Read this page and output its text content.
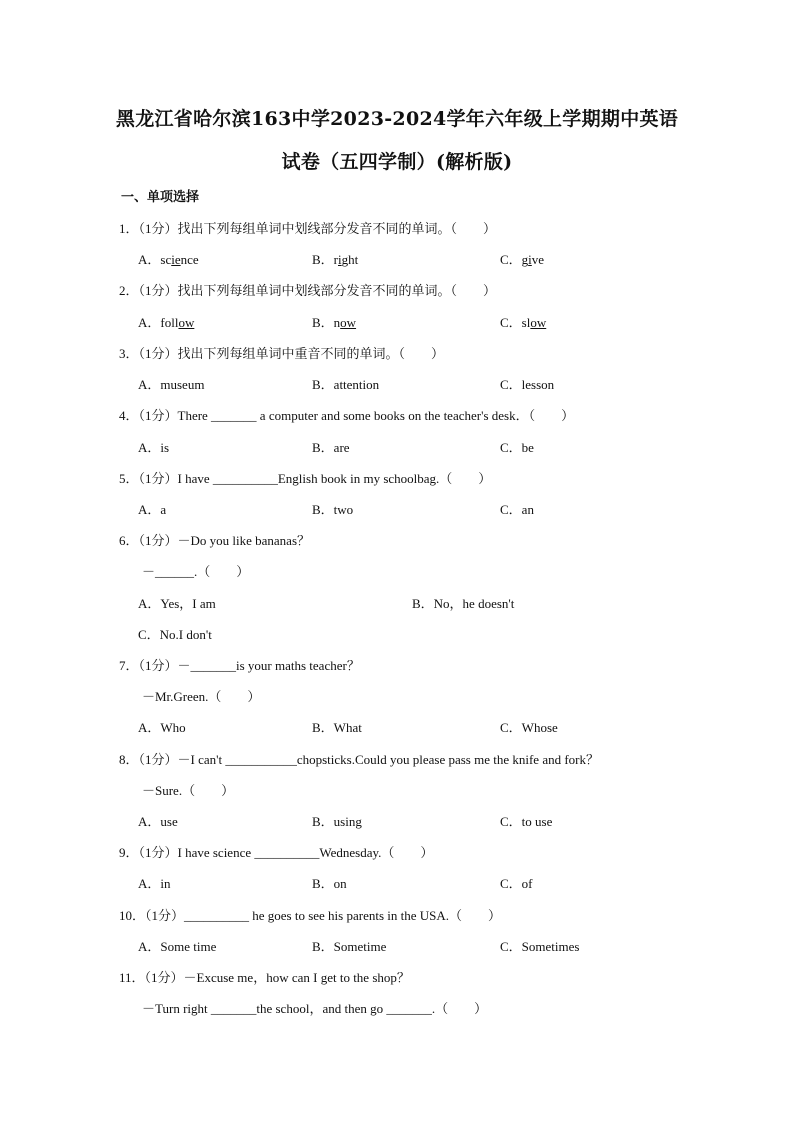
黑龙江省哈尔滨163中学2023-2024学年六年级上学期期中英语
试卷（五四学制）(解析版)
一、单项选择
1．（1分）找出下列每组单词中划线部分发音不同的单词。（　　）
A．science	B．right	C．give
2．（1分）找出下列每组单词中划线部分发音不同的单词。（　　）
A．follow	B．now	C．slow
3．（1分）找出下列每组单词中重音不同的单词。（　　）
A．museum	B．attention	C．lesson
4．（1分）There _______ a computer and some books on the teacher's desk．（　　）
A．is	B．are	C．be
5．（1分）I have __________English book in my schoolbag.（　　）
A．a	B．two	C．an
6．（1分）－Do you like bananas？
－______.（　　）
A．Yes，I am	B．No，he doesn't
C．No.I don't
7．（1分）－_______is your maths teacher？
－Mr.Green.（　　）
A．Who	B．What	C．Whose
8．（1分）－I can't ___________chopsticks.Could you please pass me the knife and fork？
－Sure.（　　）
A．use	B．using	C．to use
9．（1分）I have science __________Wednesday.（　　）
A．in	B．on	C．of
10．（1分）__________ he goes to see his parents in the USA.（　　）
A．Some time	B．Sometime	C．Sometimes
11．（1分）－Excuse me，how can I get to the shop？
－Turn right _______the school，and then go _______.（　　）
